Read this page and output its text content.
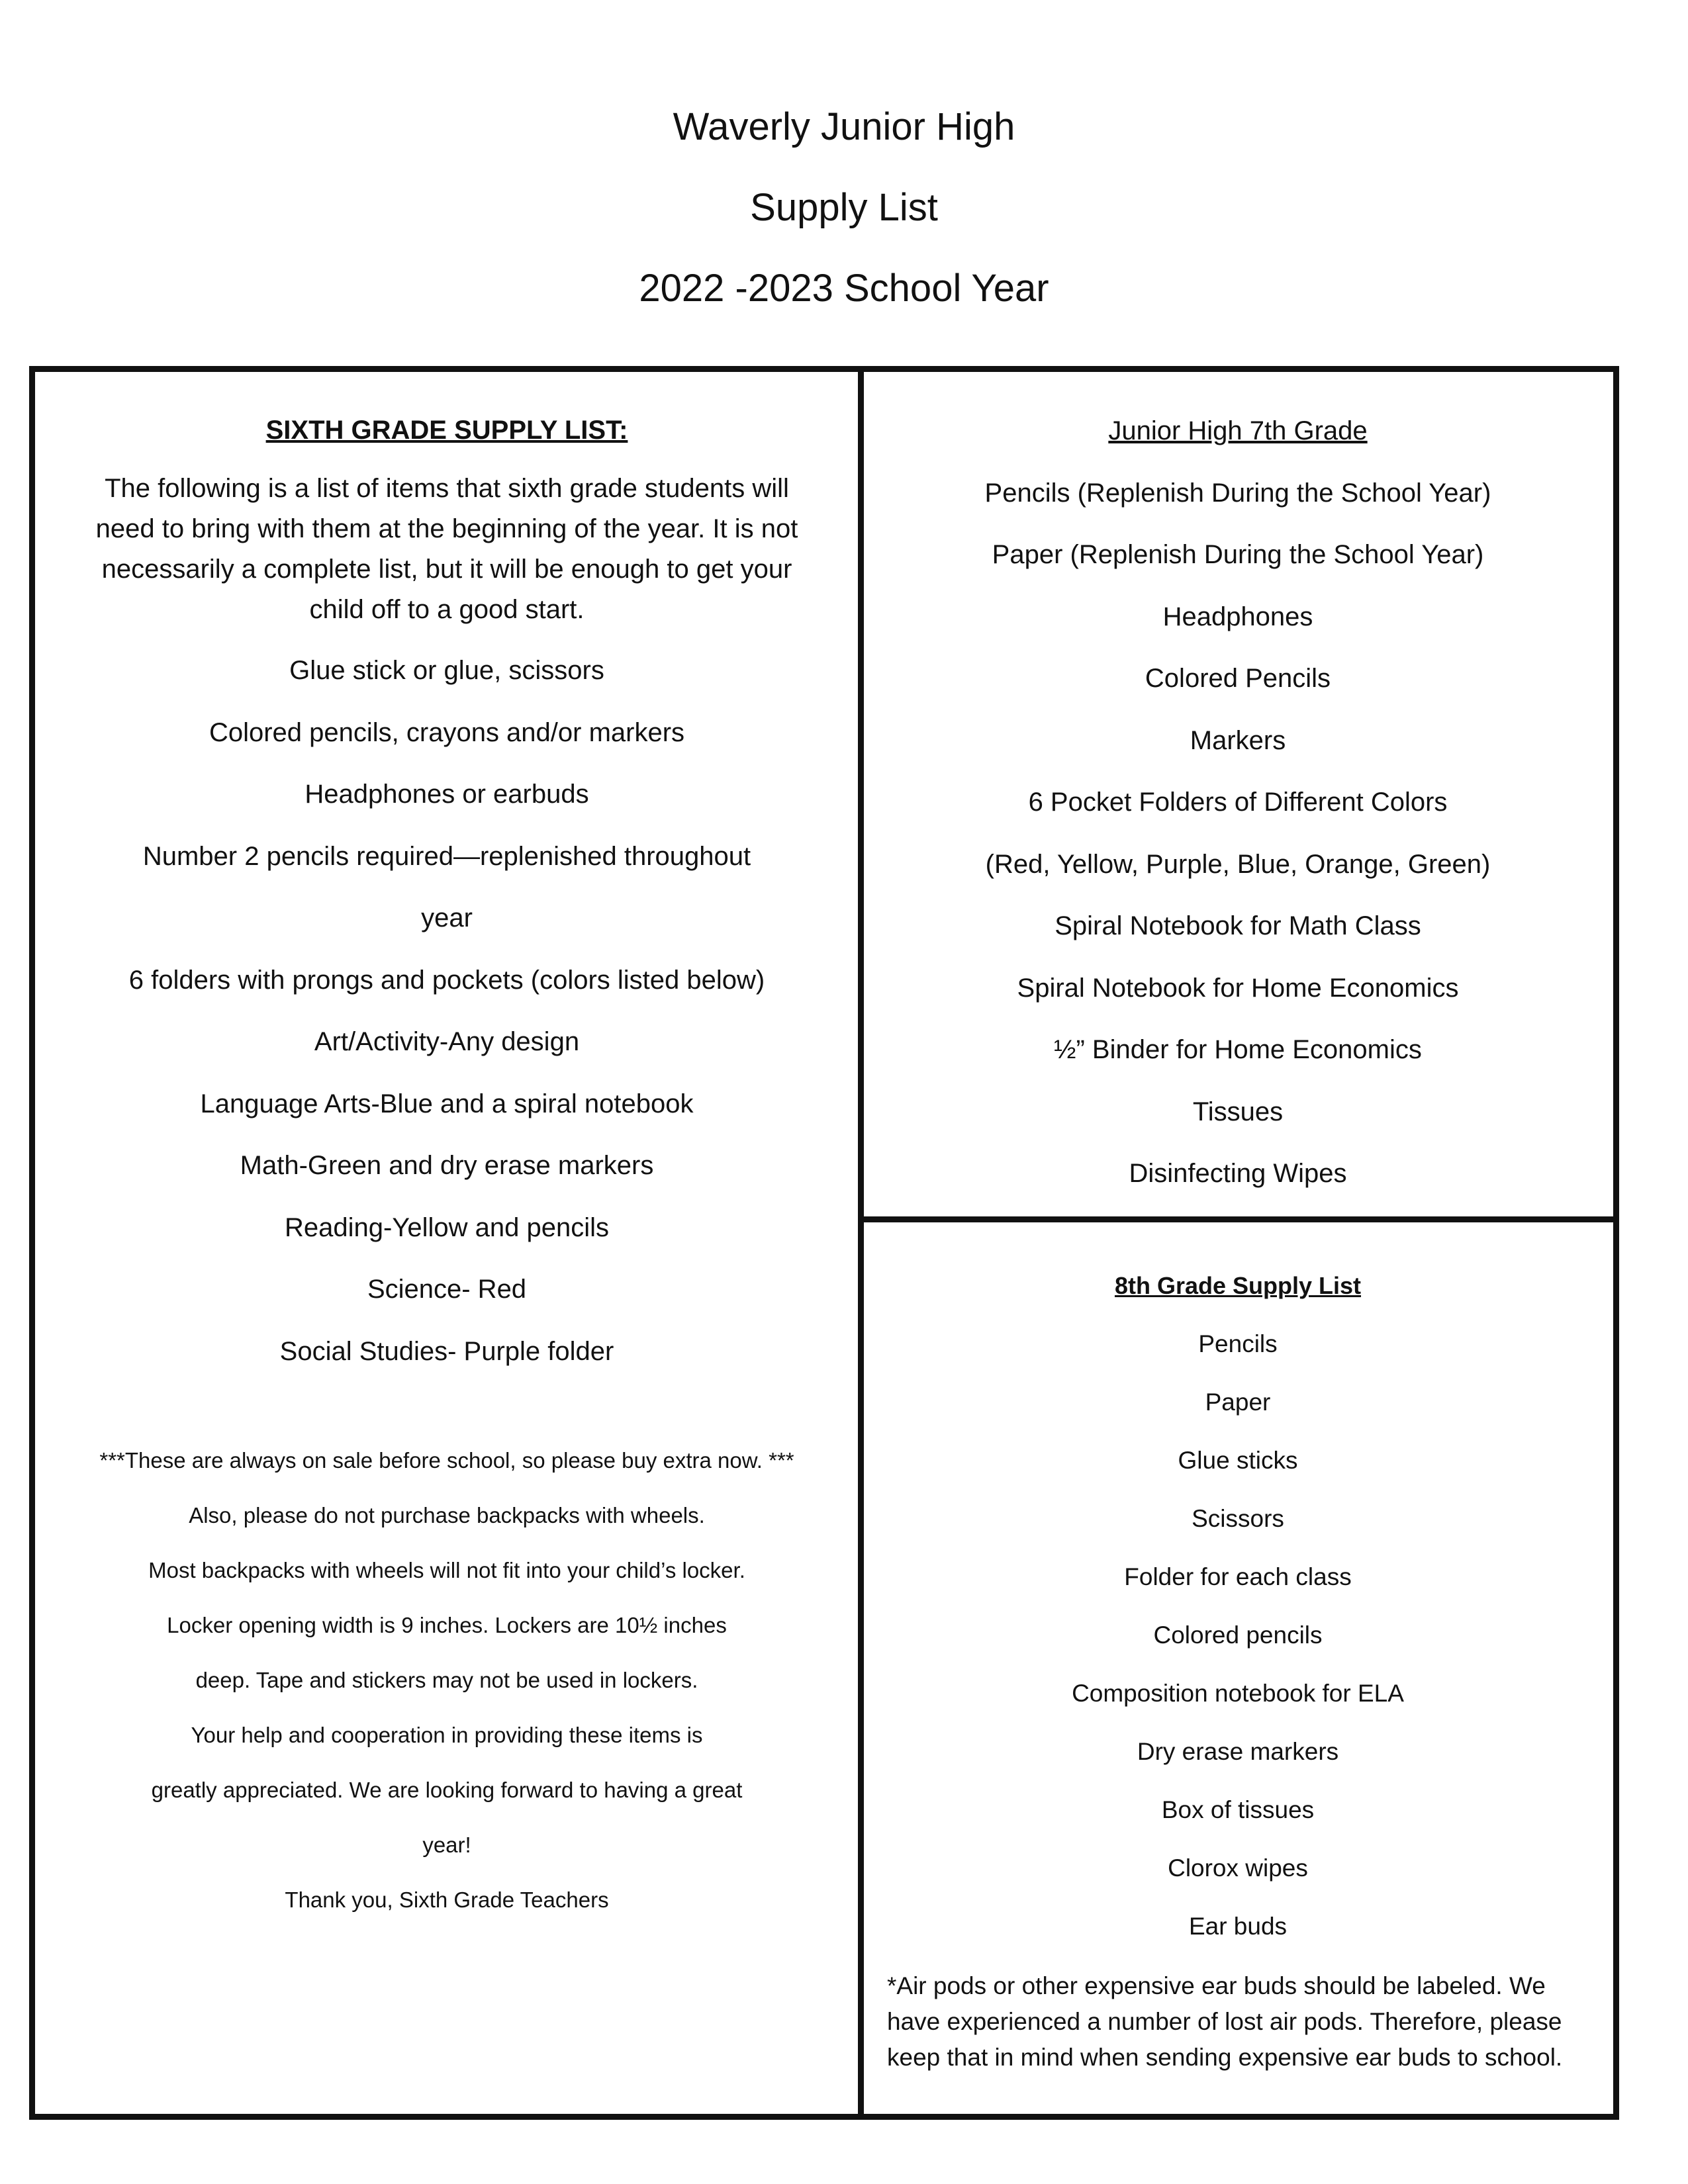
Waverly Junior High
Supply List
2022 -2023 School Year
SIXTH GRADE SUPPLY LIST:
The following is a list of items that sixth grade students will need to bring with them at the beginning of the year. It is not necessarily a complete list, but it will be enough to get your child off to a good start.
Glue stick or glue, scissors
Colored pencils, crayons and/or markers
Headphones or earbuds
Number 2 pencils required—replenished throughout
year
6 folders with prongs and pockets (colors listed below)
Art/Activity-Any design
Language Arts-Blue and a spiral notebook
Math-Green and dry erase markers
Reading-Yellow and pencils
Science- Red
Social Studies- Purple folder
***These are always on sale before school, so please buy extra now. ***
Also, please do not purchase backpacks with wheels.
Most backpacks with wheels will not fit into your child’s locker.
Locker opening width is 9 inches. Lockers are 10½ inches
deep. Tape and stickers may not be used in lockers.
Your help and cooperation in providing these items is
greatly appreciated. We are looking forward to having a great
year!
Thank you, Sixth Grade Teachers
Junior High 7th Grade
Pencils (Replenish During the School Year)
Paper (Replenish During the School Year)
Headphones
Colored Pencils
Markers
6 Pocket Folders of Different Colors
(Red, Yellow, Purple, Blue, Orange, Green)
Spiral Notebook for Math Class
Spiral Notebook for Home Economics
½” Binder for Home Economics
Tissues
Disinfecting Wipes
8th Grade Supply List
Pencils
Paper
Glue sticks
Scissors
Folder for each class
Colored pencils
Composition notebook for ELA
Dry erase markers
Box of tissues
Clorox wipes
Ear buds
*Air pods or other expensive ear buds should be labeled. We have experienced a number of lost air pods. Therefore, please keep that in mind when sending expensive ear buds to school.
